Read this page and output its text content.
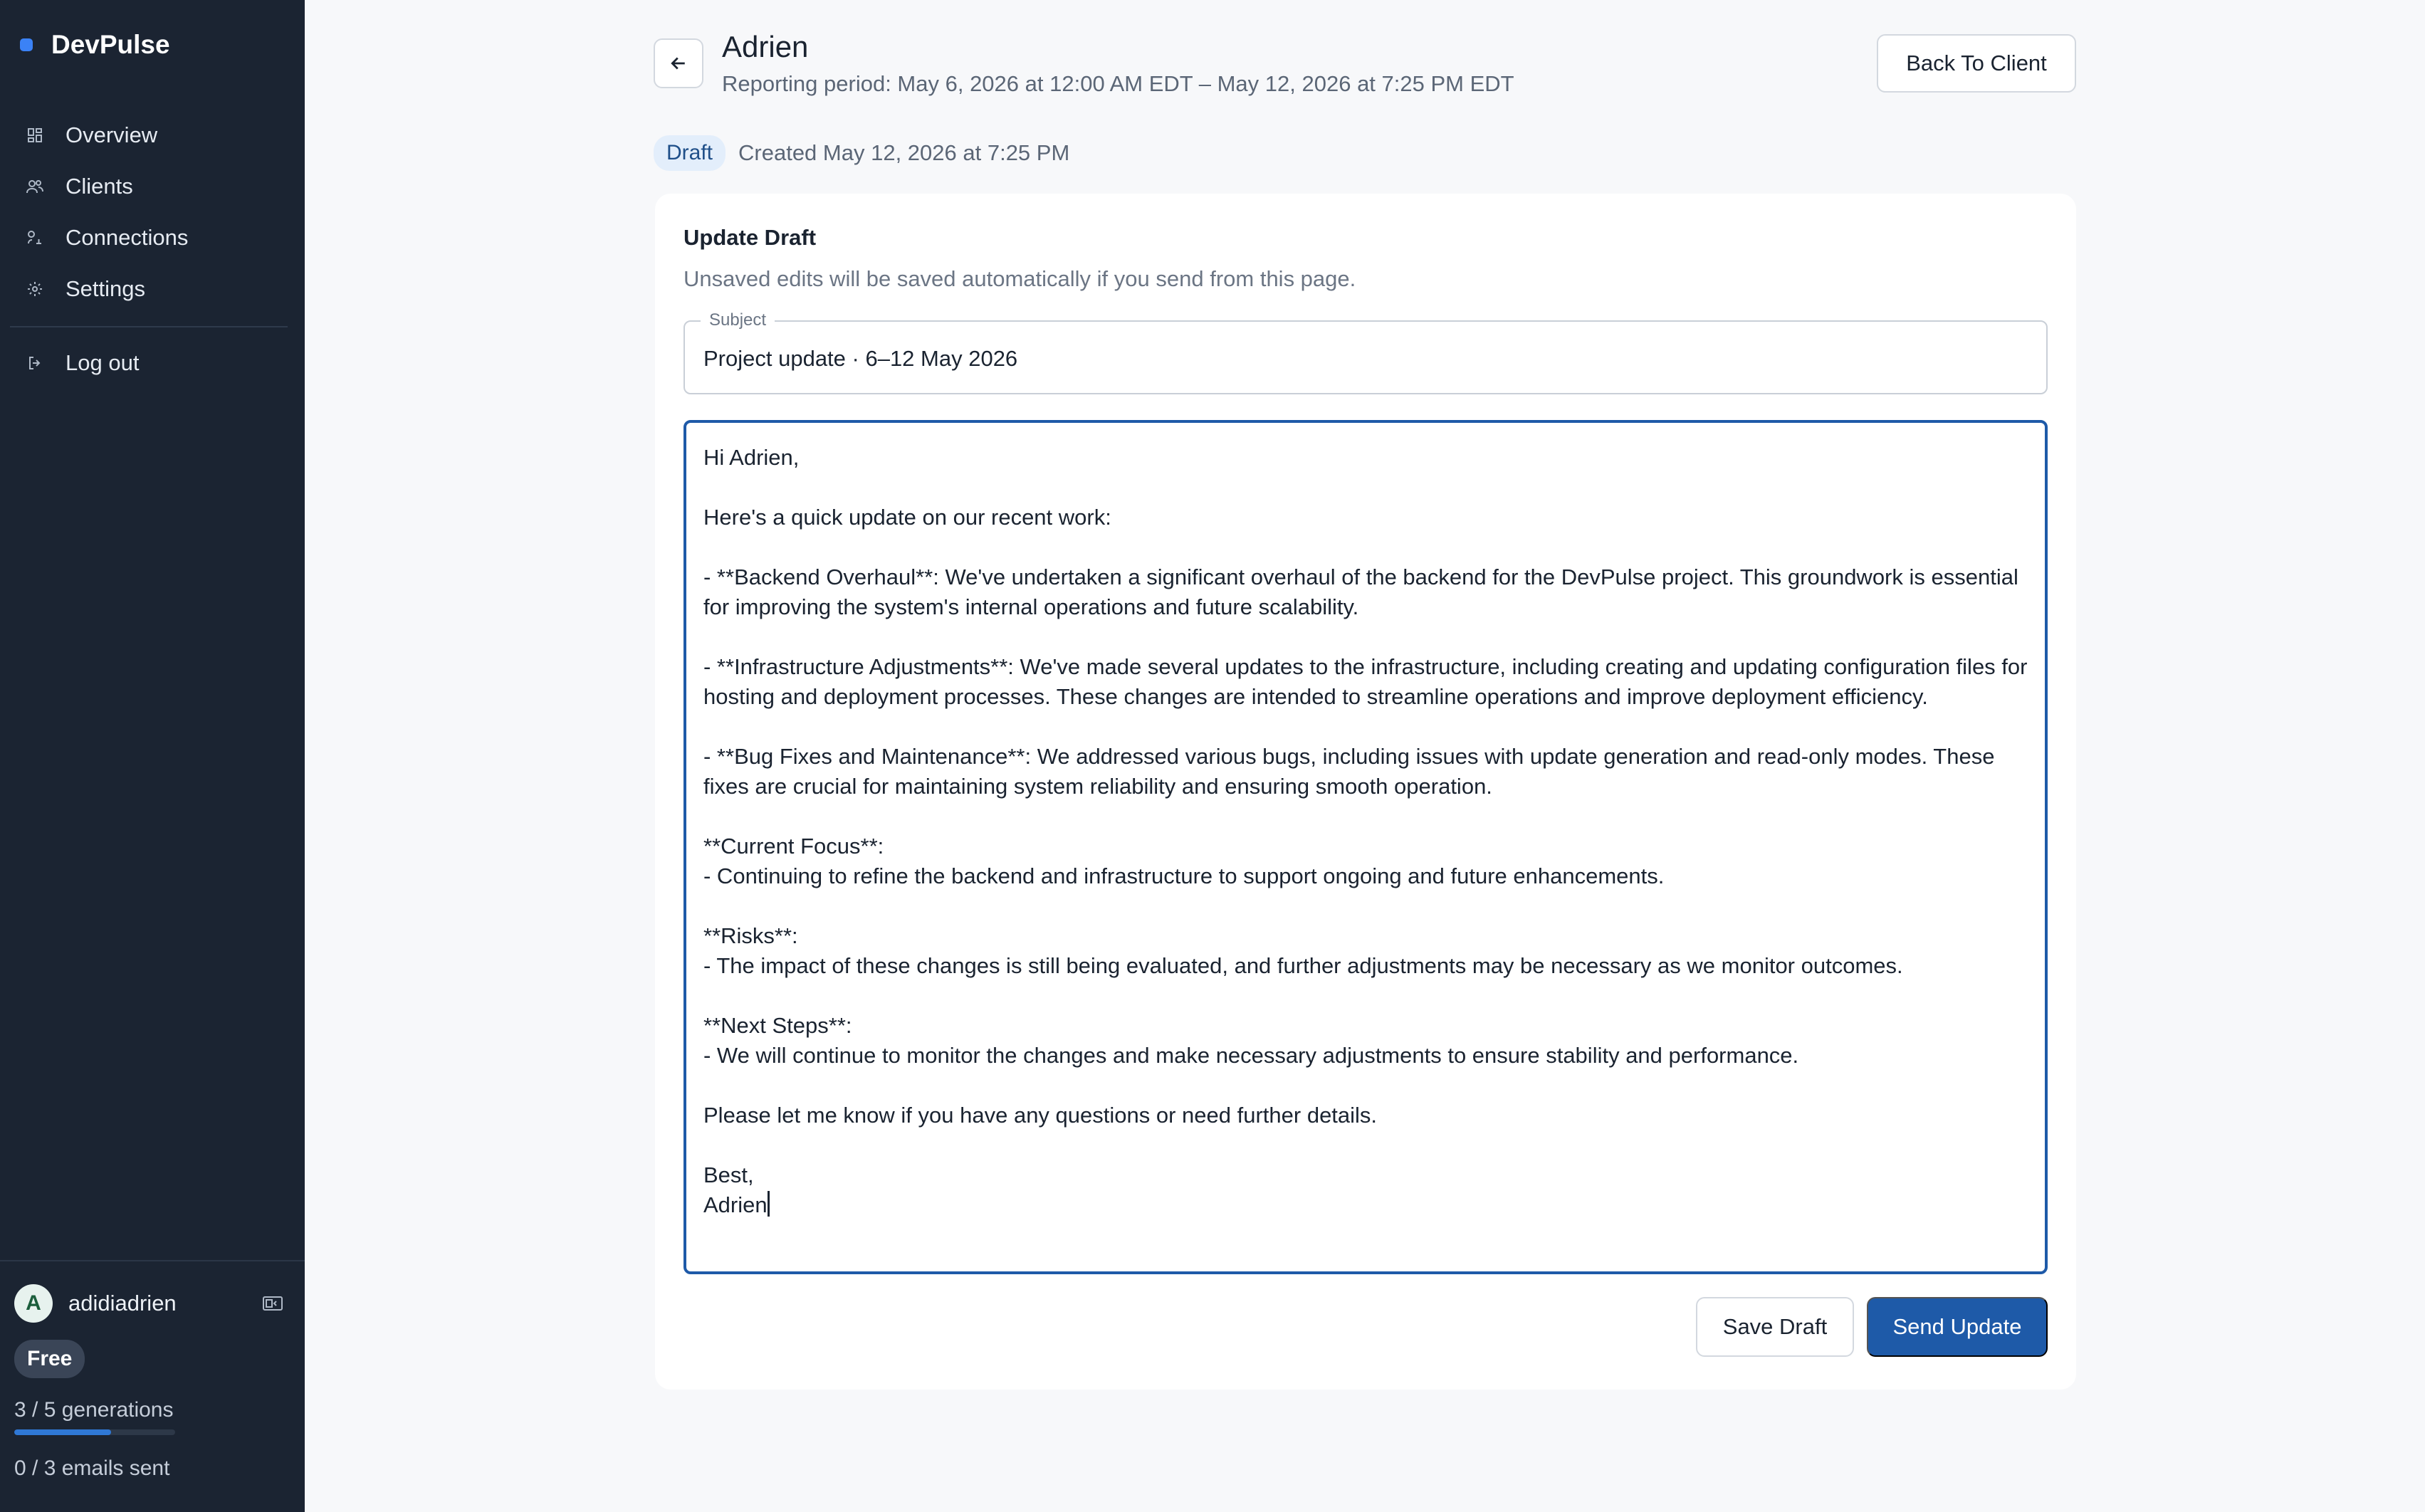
DevPulse
Overview
Clients
Connections
Settings
Log out
A	adidiadrien
Free
3 / 5 generations
0 / 3 emails sent
Adrien
Reporting period: May 6, 2026 at 12:00 AM EDT – May 12, 2026 at 7:25 PM EDT
Back To Client
Draft	Created May 12, 2026 at 7:25 PM
Update Draft
Unsaved edits will be saved automatically if you send from this page.
Subject
Project update · 6–12 May 2026
Hi Adrien,

Here's a quick update on our recent work:

- **Backend Overhaul**: We've undertaken a significant overhaul of the backend for the DevPulse project. This groundwork is essential for improving the system's internal operations and future scalability.

- **Infrastructure Adjustments**: We've made several updates to the infrastructure, including creating and updating configuration files for hosting and deployment processes. These changes are intended to streamline operations and improve deployment efficiency.

- **Bug Fixes and Maintenance**: We addressed various bugs, including issues with update generation and read-only modes. These fixes are crucial for maintaining system reliability and ensuring smooth operation.

**Current Focus**:
- Continuing to refine the backend and infrastructure to support ongoing and future enhancements.

**Risks**:
- The impact of these changes is still being evaluated, and further adjustments may be necessary as we monitor outcomes.

**Next Steps**:
- We will continue to monitor the changes and make necessary adjustments to ensure stability and performance.

Please let me know if you have any questions or need further details.

Best,
Adrien
Save Draft	Send Update
